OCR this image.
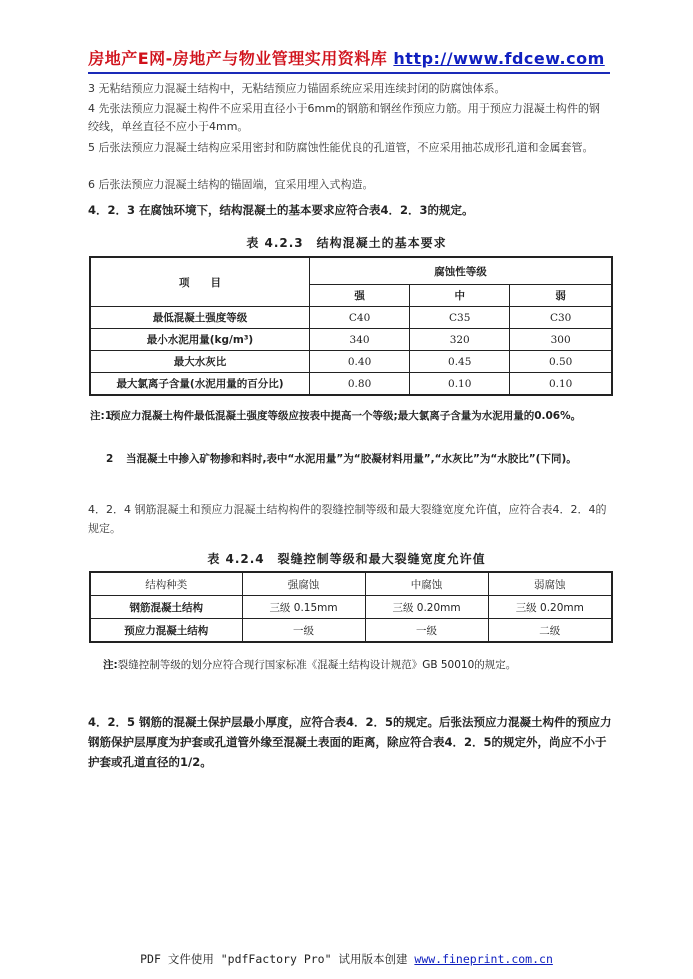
房地产E网-房地产与物业管理实用资料库 http://www.fdcew.com
3 无粘结预应力混凝土结构中，无粘结预应力锚固系统应采用连续封闭的防腐蚀体系。
4 先张法预应力混凝土构件不应采用直径小于6mm的钢筋和钢丝作预应力筋。用于预应力混凝土构件的钢绞线，单丝直径不应小于4mm。
5 后张法预应力混凝土结构应采用密封和防腐蚀性能优良的孔道管，不应采用抽芯成形孔道和金属套管。
6 后张法预应力混凝土结构的锚固端，宜采用埋入式构造。
4．2．3 在腐蚀环境下，结构混凝土的基本要求应符合表4．2．3的规定。
表 4.2.3　结构混凝土的基本要求
项　　目	腐蚀性等级		
	强	中	弱
最低混凝土强度等级	C40	C35	C30
最小水泥用量(kg/m³)	340	320	300
最大水灰比	0.40	0.45	0.50
最大氯离子含量(水泥用量的百分比)	0.80	0.10	0.10
注:1
预应力混凝土构件最低混凝土强度等级应按表中提高一个等级;最大氯离子含量为水泥用量的0.06%。
2 当混凝土中掺入矿物掺和料时,表中“水泥用量”为“胶凝材料用量”,“水灰比”为“水胶比”(下同)。
4．2．4 钢筋混凝土和预应力混凝土结构构件的裂缝控制等级和最大裂缝宽度允许值，应符合表4．2．4的规定。
表 4.2.4　裂缝控制等级和最大裂缝宽度允许值
结构种类	强腐蚀	中腐蚀	弱腐蚀
钢筋混凝土结构	三级 0.15mm	三级 0.20mm	三级 0.20mm
预应力混凝土结构	一级	一级	二级
注:裂缝控制等级的划分应符合现行国家标准《混凝土结构设计规范》GB 50010的规定。
4．2．5 钢筋的混凝土保护层最小厚度，应符合表4．2．5的规定。后张法预应力混凝土构件的预应力钢筋保护层厚度为护套或孔道管外缘至混凝土表面的距离，除应符合表4．2．5的规定外，尚应不小于护套或孔道直径的1/2。
PDF 文件使用 "pdfFactory Pro" 试用版本创建 www.fineprint.com.cn
